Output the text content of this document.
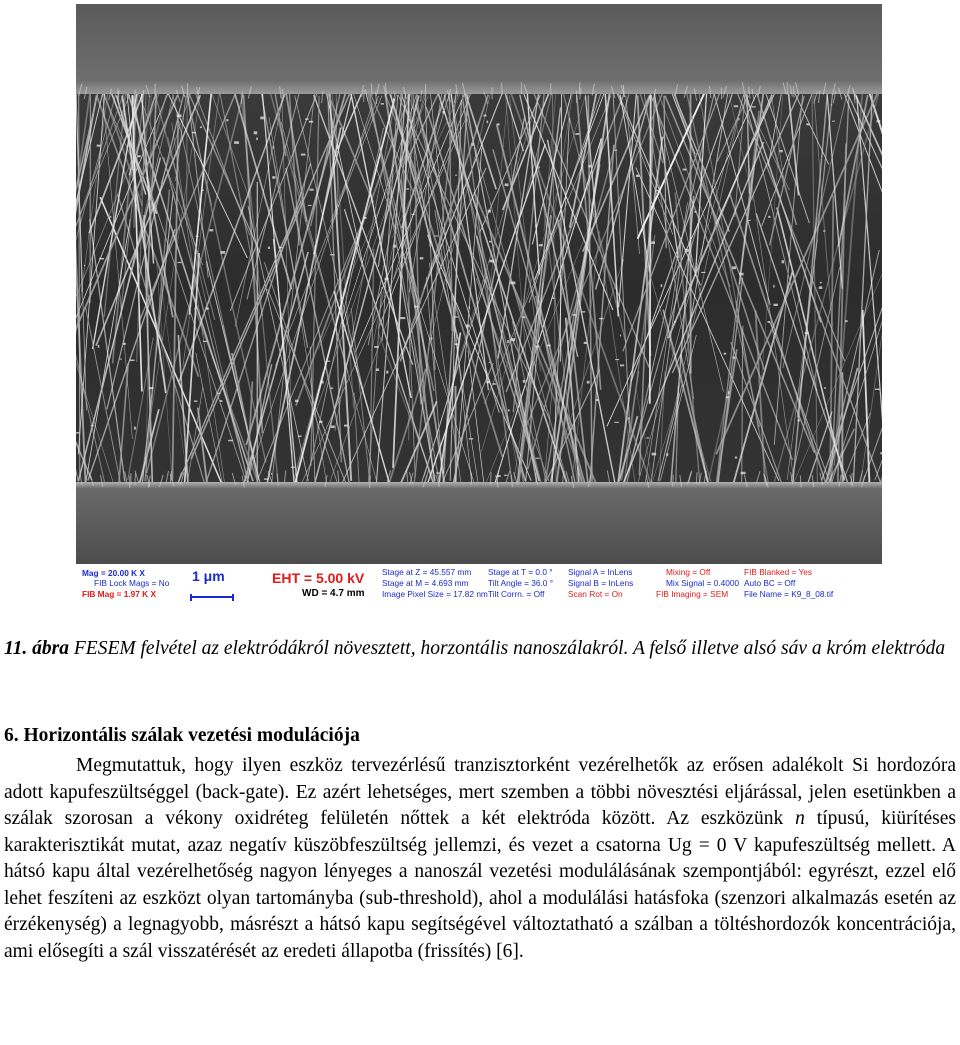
Mag = 20.00 K X
FIB Lock Mags = No
FIB Mag = 1.97 K X
1 μm	EHT = 5.00 kV
WD = 4.7 mm
Stage at Z = 45.557 mm
Stage at M = 4.693 mm
Image Pixel Size = 17.82 nm
Stage at T = 0.0 °
Tilt Angle = 36.0 °
Tilt Corrn. = Off
Signal A = InLens
Signal B = InLens
Scan Rot = On
Mixing = Off
Mix Signal = 0.4000
FIB Imaging = SEM
FIB Blanked = Yes
Auto BC = Off
File Name = K9_8_08.tif
11. ábra FESEM felvétel az elektródákról növesztett, horzontális nanoszálakról. A felső illetve alsó sáv a króm elektróda
6. Horizontális szálak vezetési modulációja
Megmutattuk, hogy ilyen eszköz tervezérlésű tranzisztorként vezérelhetők az erősen adalékolt Si hordozóra adott kapufeszültséggel (back-gate). Ez azért lehetséges, mert szemben a többi növesztési eljárással, jelen esetünkben a szálak szorosan a vékony oxidréteg felületén nőttek a két elektróda között. Az eszközünk n típusú, kiürítéses karakterisztikát mutat, azaz negatív küszöbfeszültség jellemzi, és vezet a csatorna Ug = 0 V kapufeszültség mellett. A hátsó kapu által vezérelhetőség nagyon lényeges a nanoszál vezetési modulálásának szempontjából: egyrészt, ezzel elő lehet feszíteni az eszközt olyan tartományba (sub-threshold), ahol a modulálási hatásfoka (szenzori alkalmazás esetén az érzékenység) a legnagyobb, másrészt a hátsó kapu segítségével változtatható a szálban a töltéshordozók koncentrációja, ami elősegíti a szál visszatérését az eredeti állapotba (frissítés) [6].
